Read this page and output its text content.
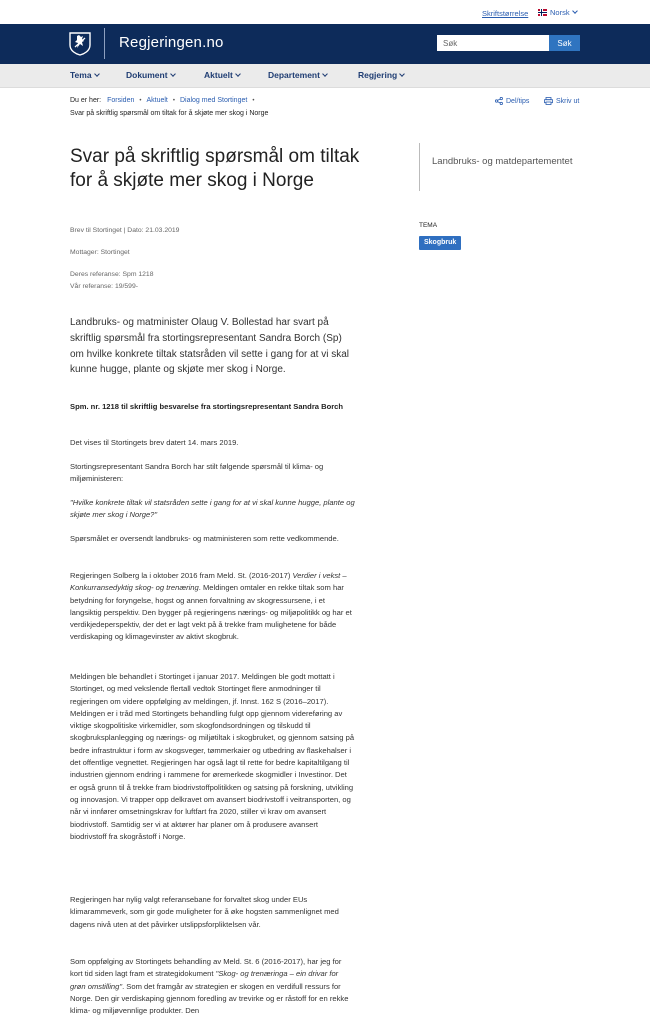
Skriftstørrelse	Norsk
Regjeringen.no
Søk	Søk
Tema	Dokument	Aktuelt	Departement	Regjering
Du er her: Forsiden • Aktuelt • Dialog med Stortinget •
Svar på skriftlig spørsmål om tiltak for å skjøte mer skog i Norge
Del/tips	Skriv ut
Svar på skriftlig spørsmål om tiltak for å skjøte mer skog i Norge
Brev til Stortinget | Dato: 21.03.2019
Mottager: Stortinget
Deres referanse: Spm 1218
Vår referanse: 19/599-
Landbruks- og matdepartementet
TEMA
Skogbruk

Landbruks- og matminister Olaug V. Bollestad har svart på skriftlig spørsmål fra stortingsrepresentant Sandra Borch (Sp) om hvilke konkrete tiltak statsråden vil sette i gang for at vi skal kunne hugge, plante og skjøte mer skog i Norge.

Spm. nr. 1218 til skriftlig besvarelse fra stortingsrepresentant Sandra Borch

Det vises til Stortingets brev datert 14. mars 2019.

Stortingsrepresentant Sandra Borch har stilt følgende spørsmål til klima- og miljøministeren:

"Hvilke konkrete tiltak vil statsråden sette i gang for at vi skal kunne hugge, plante og skjøte mer skog i Norge?"

Spørsmålet er oversendt landbruks- og matministeren som rette vedkommende.

Regjeringen Solberg la i oktober 2016 fram Meld. St. (2016-2017) Verdier i vekst – Konkurransedyktig skog- og trenæring. Meldingen omtaler en rekke tiltak som har betydning for foryngelse, hogst og annen forvaltning av skogressursene, i et langsiktig perspektiv. Den bygger på regjeringens nærings- og miljøpolitikk og har et verdikjedeperspektiv, der det er lagt vekt på å trekke fram mulighetene for både verdiskaping og klimagevinster av aktivt skogbruk.

Meldingen ble behandlet i Stortinget i januar 2017. Meldingen ble godt mottatt i Stortinget, og med vekslende flertall vedtok Stortinget flere anmodninger til regjeringen om videre oppfølging av meldingen, jf. Innst. 162 S (2016–2017). Meldingen er i tråd med Stortingets behandling fulgt opp gjennom videreføring av viktige skogpolitiske virkemidler, som skogfondsordningen og tilskudd til skogbruksplanlegging og nærings- og miljøtiltak i skogbruket, og gjennom satsing på bedre infrastruktur i form av skogsveger, tømmerkaier og utbedring av flaskehalser i det offentlige vegnettet. Regjeringen har også lagt til rette for bedre kapitaltilgang til industrien gjennom endring i rammene for øremerkede skogmidler i Investinor. Det er også grunn til å trekke fram biodrivstoffpolitikken og satsing på forskning, utvikling og innovasjon. Vi trapper opp delkravet om avansert biodrivstoff i veitransporten, og når vi innfører omsetningskrav for luftfart fra 2020, stiller vi krav om avansert biodrivstoff. Samtidig ser vi at aktører har planer om å produsere avansert biodrivstoff fra skogråstoff i Norge.

Regjeringen har nylig valgt referansebane for forvaltet skog under EUs klimarammeverk, som gir gode muligheter for å øke hogsten sammenlignet med dagens nivå uten at det påvirker utslippsforpliktelsen vår.

Som oppfølging av Stortingets behandling av Meld. St. 6 (2016-2017), har jeg for kort tid siden lagt fram et strategidokument "Skog- og trenæringa – ein drivar for grøn omstilling". Som det framgår av strategien er skogen en verdifull ressurs for Norge. Den gir verdiskaping gjennom foredling av trevirke og er råstoff for en rekke klima- og miljøvennlige produkter. Den
